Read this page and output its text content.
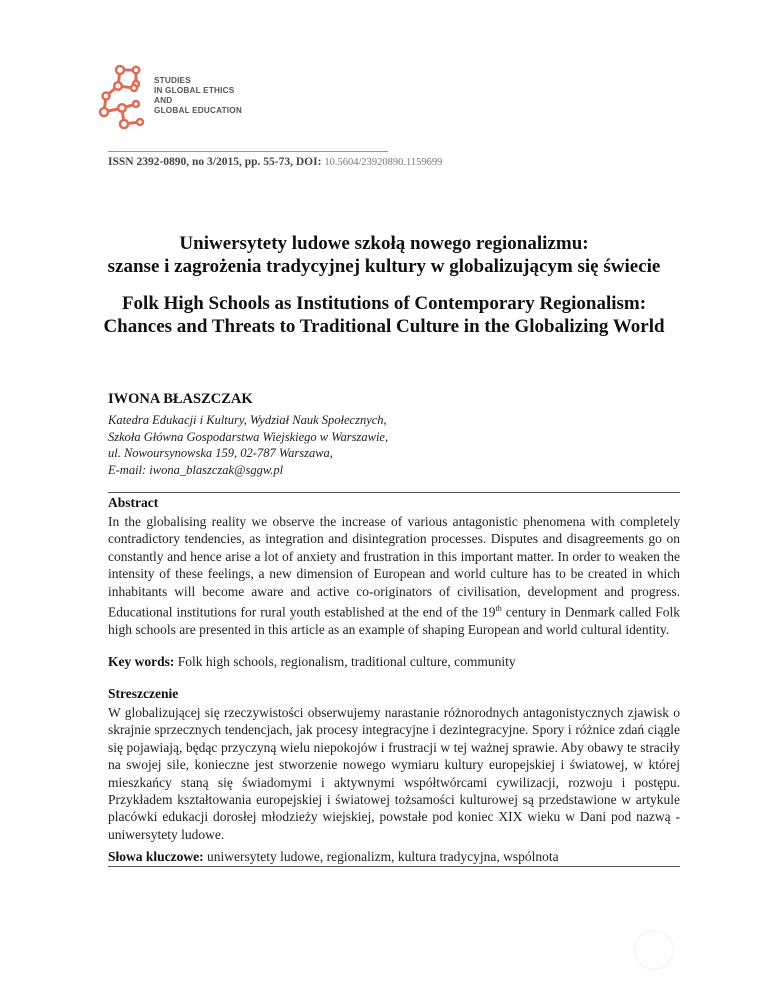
STUDIES
IN GLOBAL ETHICS
AND
GLOBAL EDUCATION
ISSN 2392-0890, no 3/2015, pp. 55-73, DOI: 10.5604/23920890.1159699
Uniwersytety ludowe szkołą nowego regionalizmu:
szanse i zagrożenia tradycyjnej kultury w globalizującym się świecie
Folk High Schools as Institutions of Contemporary Regionalism:
Chances and Threats to Traditional Culture in the Globalizing World
IWONA BŁASZCZAK
Katedra Edukacji i Kultury, Wydział Nauk Społecznych,
Szkoła Główna Gospodarstwa Wiejskiego w Warszawie,
ul. Nowoursynowska 159, 02-787 Warszawa,
E-mail: iwona_blaszczak@sggw.pl
Abstract
In the globalising reality we observe the increase of various antagonistic phenomena with completely contradictory tendencies, as integration and disintegration processes. Disputes and disagreements go on constantly and hence arise a lot of anxiety and frustration in this important matter. In order to weaken the intensity of these feelings, a new dimension of European and world culture has to be created in which inhabitants will become aware and active co-originators of civilisation, development and progress. Educational institutions for rural youth established at the end of the 19th century in Denmark called Folk high schools are presented in this article as an example of shaping European and world cultural identity.
Key words: Folk high schools, regionalism, traditional culture, community
Streszczenie
W globalizującej się rzeczywistości obserwujemy narastanie różnorodnych antagonistycznych zjawisk o skrajnie sprzecznych tendencjach, jak procesy integracyjne i dezintegracyjne. Spory i różnice zdań ciągle się pojawiają, będąc przyczyną wielu niepokojów i frustracji w tej ważnej sprawie. Aby obawy te straciły na swojej sile, konieczne jest stworzenie nowego wymiaru kultury europejskiej i światowej, w której mieszkańcy staną się świadomymi i aktywnymi współtwórcami cywilizacji, rozwoju i postępu. Przykładem kształtowania europejskiej i światowej tożsamości kulturowej są przedstawione w artykule placówki edukacji dorosłej młodzieży wiejskiej, powstałe pod koniec XIX wieku w Dani pod nazwą - uniwersytety ludowe.
Słowa kluczowe: uniwersytety ludowe, regionalizm, kultura tradycyjna, wspólnota
